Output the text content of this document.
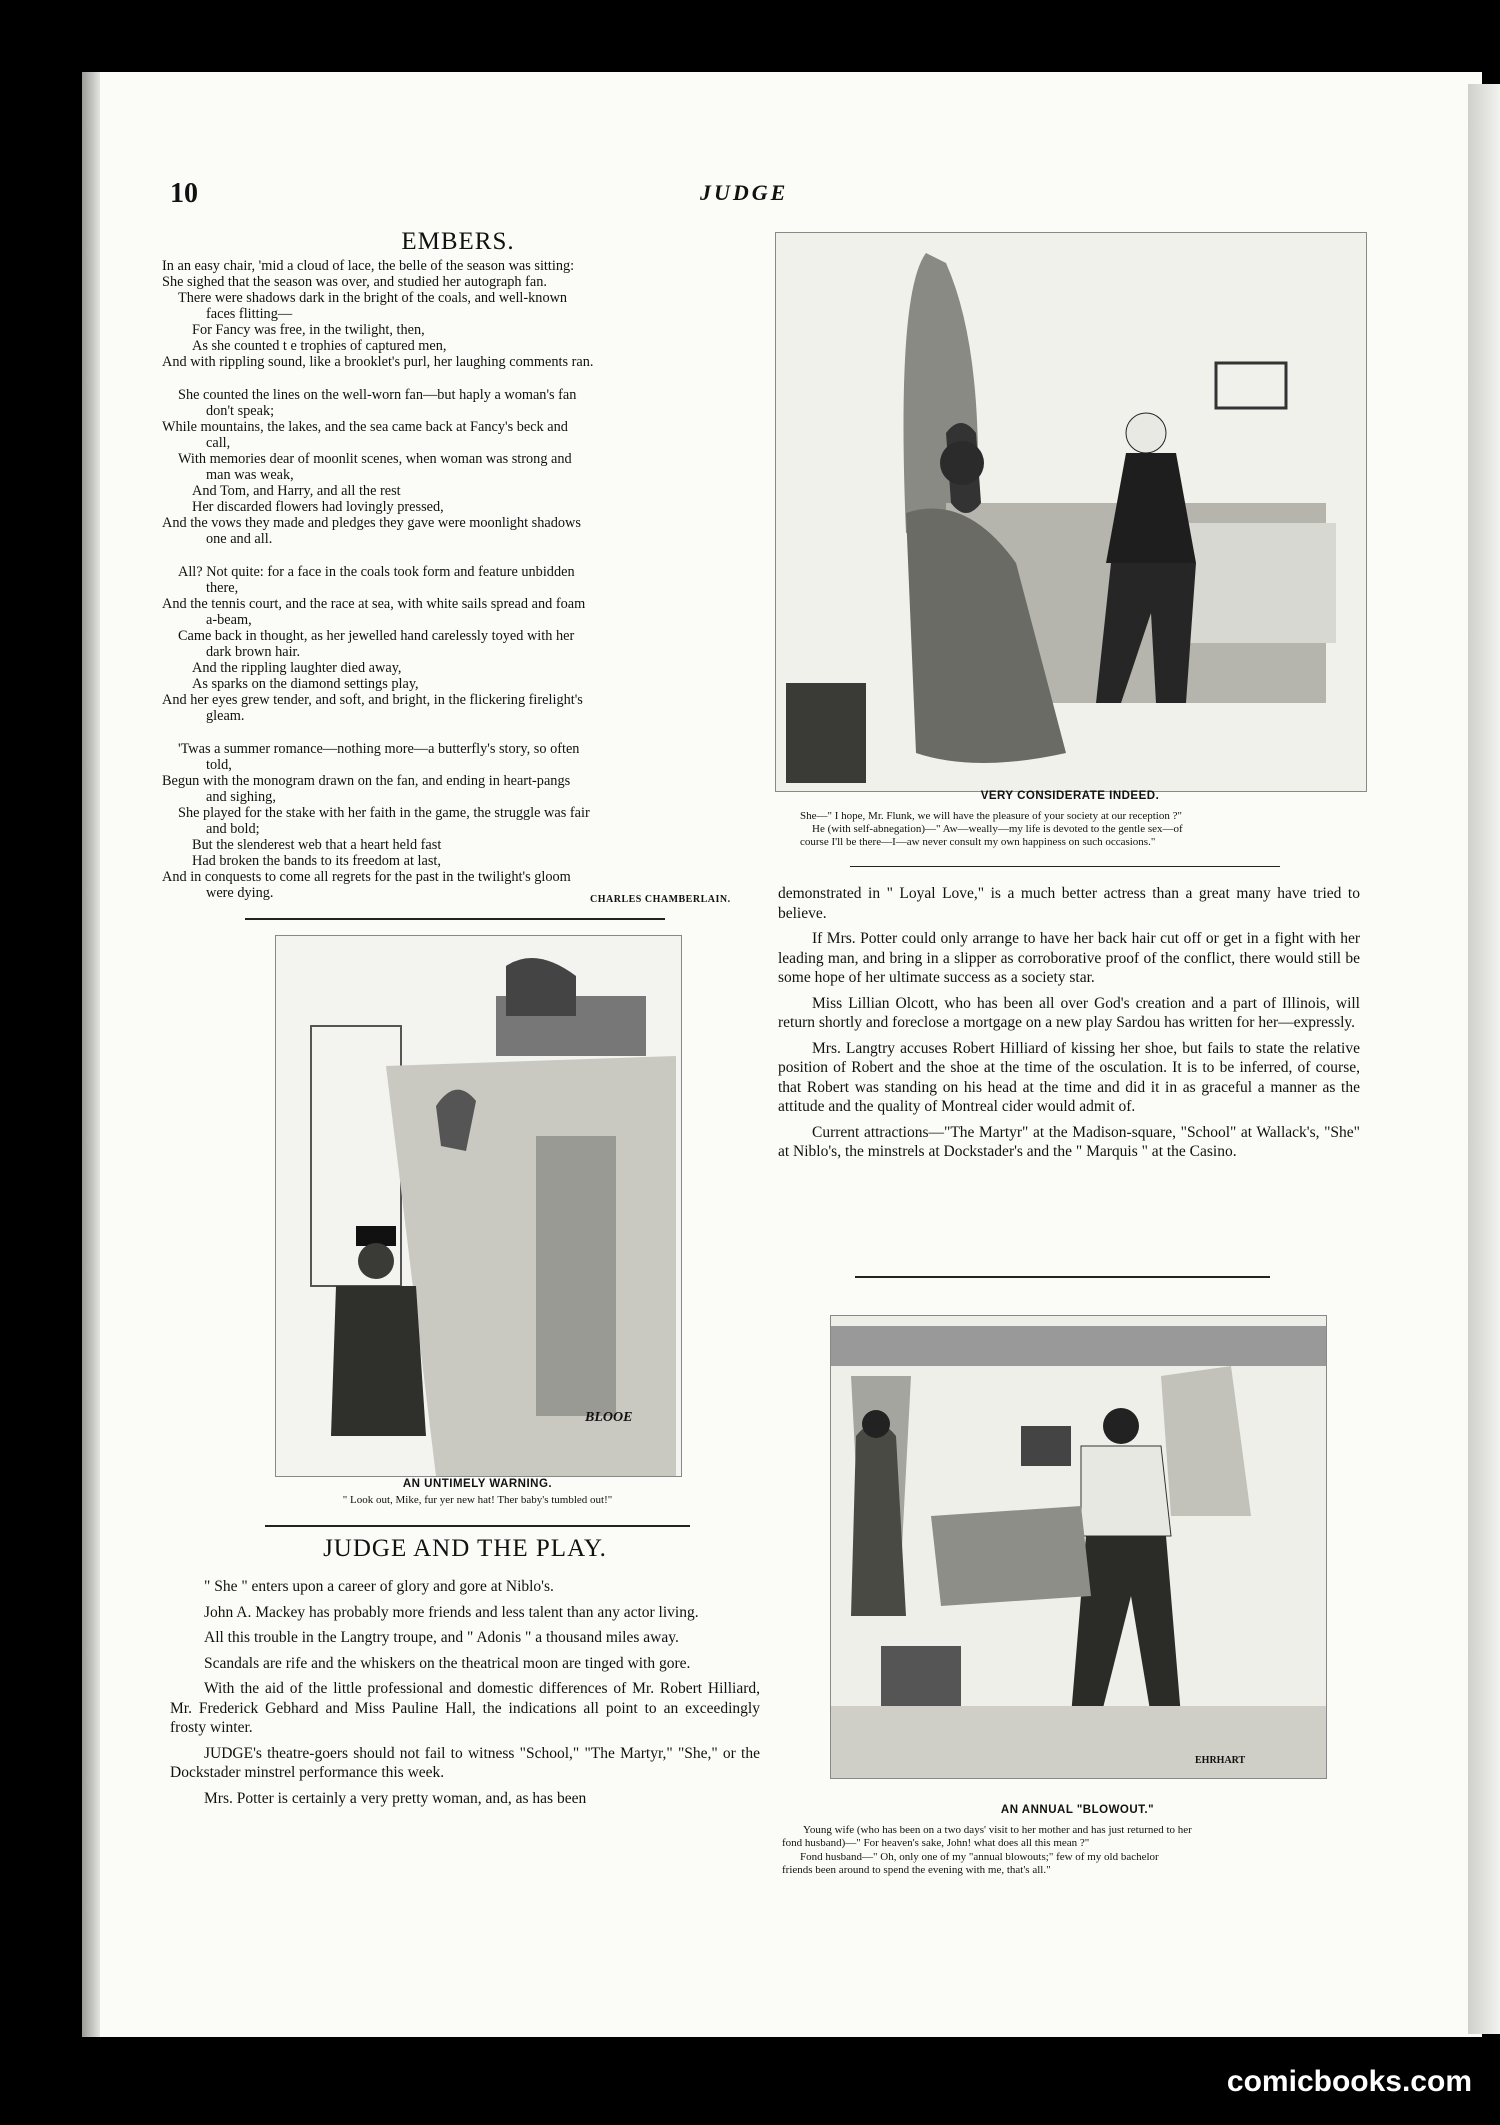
10	JUDGE
EMBERS.

In an easy chair, 'mid a cloud of lace, the belle of the season was sitting:

She sighed that the season was over, and studied her autograph fan.

There were shadows dark in the bright of the coals, and well-known

faces flitting—

For Fancy was free, in the twilight, then,

As she counted t e trophies of captured men,

And with rippling sound, like a brooklet's purl, her laughing comments ran.

She counted the lines on the well-worn fan—but haply a woman's fan

don't speak;

While mountains, the lakes, and the sea came back at Fancy's beck and

call,

With memories dear of moonlit scenes, when woman was strong and

man was weak,

And Tom, and Harry, and all the rest

Her discarded flowers had lovingly pressed,

And the vows they made and pledges they gave were moonlight shadows

one and all.

All? Not quite: for a face in the coals took form and feature unbidden

there,

And the tennis court, and the race at sea, with white sails spread and foam

a-beam,

Came back in thought, as her jewelled hand carelessly toyed with her

dark brown hair.

And the rippling laughter died away,

As sparks on the diamond settings play,

And her eyes grew tender, and soft, and bright, in the flickering firelight's

gleam.

'Twas a summer romance—nothing more—a butterfly's story, so often

told,

Begun with the monogram drawn on the fan, and ending in heart-pangs

and sighing,

She played for the stake with her faith in the game, the struggle was fair

and bold;

But the slenderest web that a heart held fast

Had broken the bands to its freedom at last,

And in conquests to come all regrets for the past in the twilight's gloom

were dying.	CHARLES CHAMBERLAIN.
VERY CONSIDERATE INDEED.
She—" I hope, Mr. Flunk, we will have the pleasure of your society at our reception ?"
He (with self-abnegation)—" Aw—weally—my life is devoted to the gentle sex—of
course I'll be there—I—aw never consult my own happiness on such occasions."
BLOOE
AN UNTIMELY WARNING.
" Look out, Mike, fur yer new hat! Ther baby's tumbled out!"
JUDGE AND THE PLAY.

" She " enters upon a career of glory and gore at Niblo's.

John A. Mackey has probably more friends and less talent than any actor living.

All this trouble in the Langtry troupe, and " Adonis " a thousand miles away.

Scandals are rife and the whiskers on the theatrical moon are tinged with gore.

With the aid of the little professional and domestic differences of Mr. Robert Hilliard, Mr. Frederick Gebhard and Miss Pauline Hall, the indications all point to an exceedingly frosty winter.

JUDGE's theatre-goers should not fail to witness "School," "The Martyr," "She," or the Dockstader minstrel performance this week.

Mrs. Potter is certainly a very pretty woman, and, as has been

demonstrated in " Loyal Love," is a much better actress than a great many have tried to believe.

If Mrs. Potter could only arrange to have her back hair cut off or get in a fight with her leading man, and bring in a slipper as corroborative proof of the conflict, there would still be some hope of her ultimate success as a society star.

Miss Lillian Olcott, who has been all over God's creation and a part of Illinois, will return shortly and foreclose a mortgage on a new play Sardou has written for her—expressly.

Mrs. Langtry accuses Robert Hilliard of kissing her shoe, but fails to state the relative position of Robert and the shoe at the time of the osculation. It is to be inferred, of course, that Robert was standing on his head at the time and did it in as graceful a manner as the attitude and the quality of Montreal cider would admit of.

Current attractions—"The Martyr" at the Madison-square, "School" at Wallack's, "She" at Niblo's, the minstrels at Dockstader's and the " Marquis " at the Casino.

EHRHART
AN ANNUAL "BLOWOUT."
Young wife (who has been on a two days' visit to her mother and has just returned to her
fond husband)—" For heaven's sake, John! what does all this mean ?"
Fond husband—" Oh, only one of my "annual blowouts;" few of my old bachelor
friends been around to spend the evening with me, that's all."
comicbooks.com
